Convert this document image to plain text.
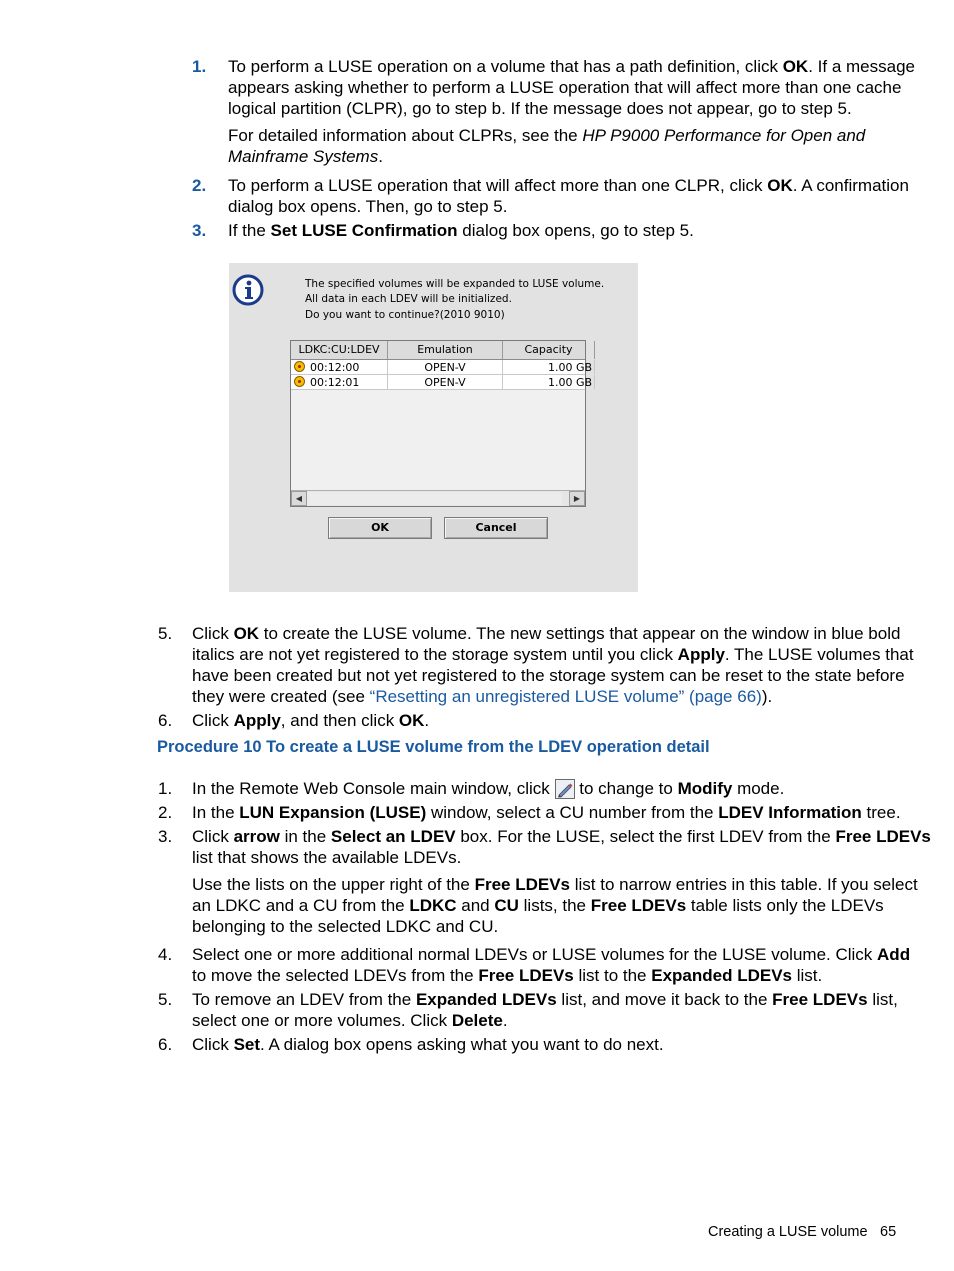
1. To perform a LUSE operation on a volume that has a path definition, click OK. If a message
appears asking whether to perform a LUSE operation that will affect more than one cache
logical partition (CLPR), go to step b. If the message does not appear, go to step 5.
For detailed information about CLPRs, see the HP P9000 Performance for Open and
Mainframe Systems.
2. To perform a LUSE operation that will affect more than one CLPR, click OK. A confirmation
dialog box opens. Then, go to step 5.
3. If the Set LUSE Confirmation dialog box opens, go to step 5.
The specified volumes will be expanded to LUSE volume.
All data in each LDEV will be initialized.
Do you want to continue?(2010 9010)
LDKC:CU:LDEV	Emulation	Capacity
00:12:00	OPEN-V	1.00 GB
00:12:01	OPEN-V	1.00 GB
◀	▶
OK	Cancel
5. Click OK to create the LUSE volume. The new settings that appear on the window in blue bold
italics are not yet registered to the storage system until you click Apply. The LUSE volumes that
have been created but not yet registered to the storage system can be reset to the state before
they were created (see “Resetting an unregistered LUSE volume” (page 66)).
6. Click Apply, and then click OK.
Procedure 10 To create a LUSE volume from the LDEV operation detail
1. In the Remote Web Console main window, click  to change to Modify mode.
2. In the LUN Expansion (LUSE) window, select a CU number from the LDEV Information tree.
3. Click arrow in the Select an LDEV box. For the LUSE, select the first LDEV from the Free LDEVs
list that shows the available LDEVs.
Use the lists on the upper right of the Free LDEVs list to narrow entries in this table. If you select
an LDKC and a CU from the LDKC and CU lists, the Free LDEVs table lists only the LDEVs
belonging to the selected LDKC and CU.
4. Select one or more additional normal LDEVs or LUSE volumes for the LUSE volume. Click Add
to move the selected LDEVs from the Free LDEVs list to the Expanded LDEVs list.
5. To remove an LDEV from the Expanded LDEVs list, and move it back to the Free LDEVs list,
select one or more volumes. Click Delete.
6. Click Set. A dialog box opens asking what you want to do next.
Creating a LUSE volume 65
